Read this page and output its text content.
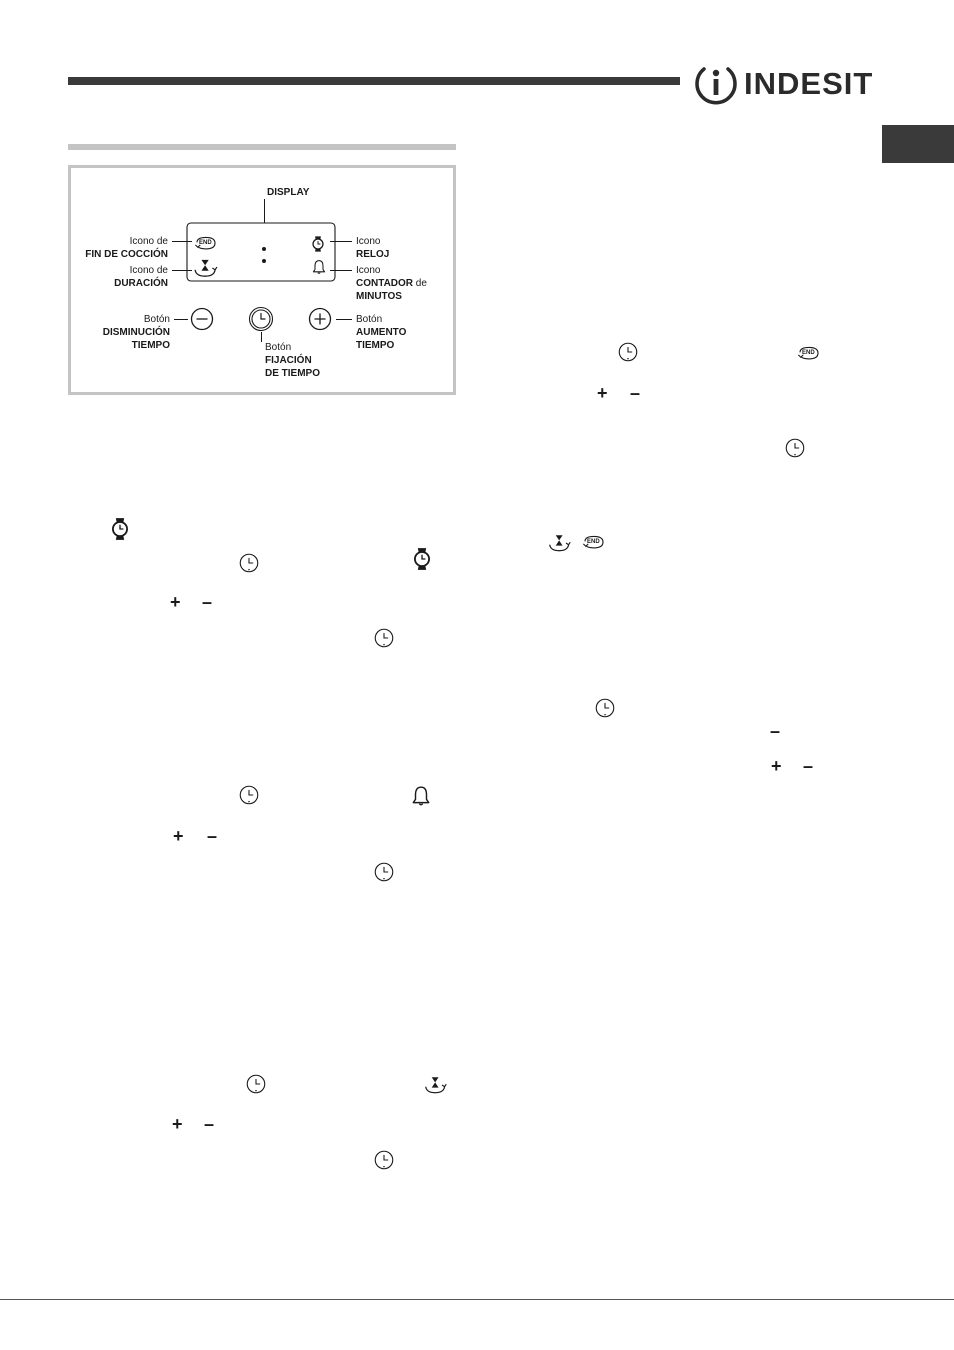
INDESIT
DISPLAY
END
Icono de
FIN DE COCCIÓN
Icono de
DURACIÓN
Icono
RELOJ
Icono
CONTADOR de
MINUTOS
Botón
DISMINUCIÓN
TIEMPO	Botón
FIJACIÓN
DE TIEMPO
Botón
AUMENTO
TIEMPO
+ –
+ –
+ –
END
+ –
END
–
+ –
